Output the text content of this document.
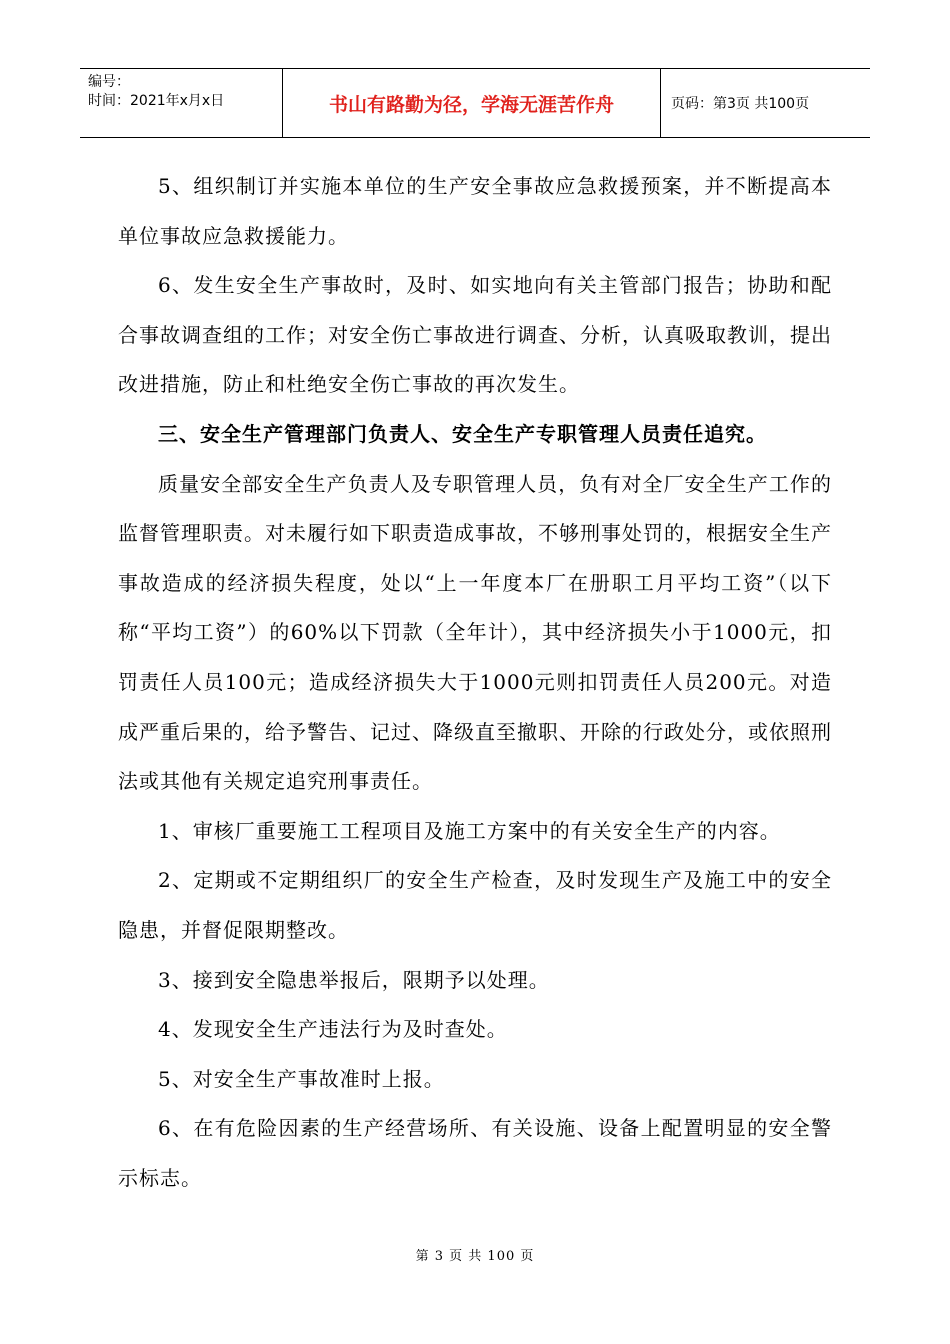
编号：
时间：2021年x月x日	书山有路勤为径，学海无涯苦作舟	页码：第3页 共100页

5、组织制订并实施本单位的生产安全事故应急救援预案，并不断提高本单位事故应急救援能力。

6、发生安全生产事故时，及时、如实地向有关主管部门报告；协助和配合事故调查组的工作；对安全伤亡事故进行调查、分析，认真吸取教训，提出改进措施，防止和杜绝安全伤亡事故的再次发生。

三、安全生产管理部门负责人、安全生产专职管理人员责任追究。

质量安全部安全生产负责人及专职管理人员，负有对全厂安全生产工作的监督管理职责。对未履行如下职责造成事故，不够刑事处罚的，根据安全生产事故造成的经济损失程度，处以“上一年度本厂在册职工月平均工资”（以下称“平均工资”）的60%以下罚款（全年计），其中经济损失小于1000元，扣罚责任人员100元；造成经济损失大于1000元则扣罚责任人员200元。对造成严重后果的，给予警告、记过、降级直至撤职、开除的行政处分，或依照刑法或其他有关规定追究刑事责任。

1、审核厂重要施工工程项目及施工方案中的有关安全生产的内容。

2、定期或不定期组织厂的安全生产检查，及时发现生产及施工中的安全隐患，并督促限期整改。

3、接到安全隐患举报后，限期予以处理。

4、发现安全生产违法行为及时查处。

5、对安全生产事故准时上报。

6、在有危险因素的生产经营场所、有关设施、设备上配置明显的安全警示标志。

第 3 页 共 100 页
